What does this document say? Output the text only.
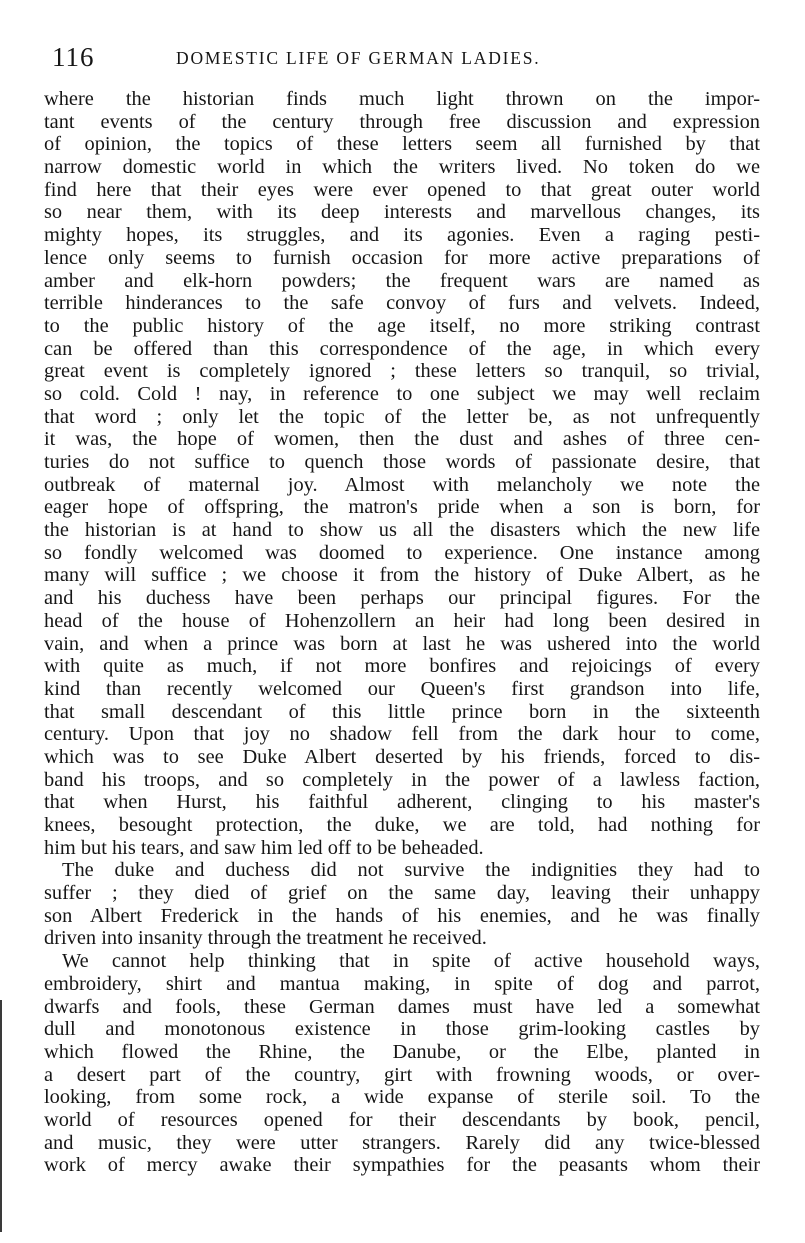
116	DOMESTIC LIFE OF GERMAN LADIES.
where the historian finds much light thrown on the impor-
tant events of the century through free discussion and expression
of opinion, the topics of these letters seem all furnished by that
narrow domestic world in which the writers lived. No token do we
find here that their eyes were ever opened to that great outer world
so near them, with its deep interests and marvellous changes, its
mighty hopes, its struggles, and its agonies. Even a raging pesti-
lence only seems to furnish occasion for more active preparations of
amber and elk-horn powders; the frequent wars are named as
terrible hinderances to the safe convoy of furs and velvets. Indeed,
to the public history of the age itself, no more striking contrast
can be offered than this correspondence of the age, in which every
great event is completely ignored ; these letters so tranquil, so trivial,
so cold. Cold ! nay, in reference to one subject we may well reclaim
that word ; only let the topic of the letter be, as not unfrequently
it was, the hope of women, then the dust and ashes of three cen-
turies do not suffice to quench those words of passionate desire, that
outbreak of maternal joy. Almost with melancholy we note the
eager hope of offspring, the matron's pride when a son is born, for
the historian is at hand to show us all the disasters which the new life
so fondly welcomed was doomed to experience. One instance among
many will suffice ; we choose it from the history of Duke Albert, as he
and his duchess have been perhaps our principal figures. For the
head of the house of Hohenzollern an heir had long been desired in
vain, and when a prince was born at last he was ushered into the world
with quite as much, if not more bonfires and rejoicings of every
kind than recently welcomed our Queen's first grandson into life,
that small descendant of this little prince born in the sixteenth
century. Upon that joy no shadow fell from the dark hour to come,
which was to see Duke Albert deserted by his friends, forced to dis-
band his troops, and so completely in the power of a lawless faction,
that when Hurst, his faithful adherent, clinging to his master's
knees, besought protection, the duke, we are told, had nothing for
him but his tears, and saw him led off to be beheaded.
The duke and duchess did not survive the indignities they had to
suffer ; they died of grief on the same day, leaving their unhappy
son Albert Frederick in the hands of his enemies, and he was finally
driven into insanity through the treatment he received.
We cannot help thinking that in spite of active household ways,
embroidery, shirt and mantua making, in spite of dog and parrot,
dwarfs and fools, these German dames must have led a somewhat
dull and monotonous existence in those grim-looking castles by
which flowed the Rhine, the Danube, or the Elbe, planted in
a desert part of the country, girt with frowning woods, or over-
looking, from some rock, a wide expanse of sterile soil. To the
world of resources opened for their descendants by book, pencil,
and music, they were utter strangers. Rarely did any twice-blessed
work of mercy awake their sympathies for the peasants whom their
